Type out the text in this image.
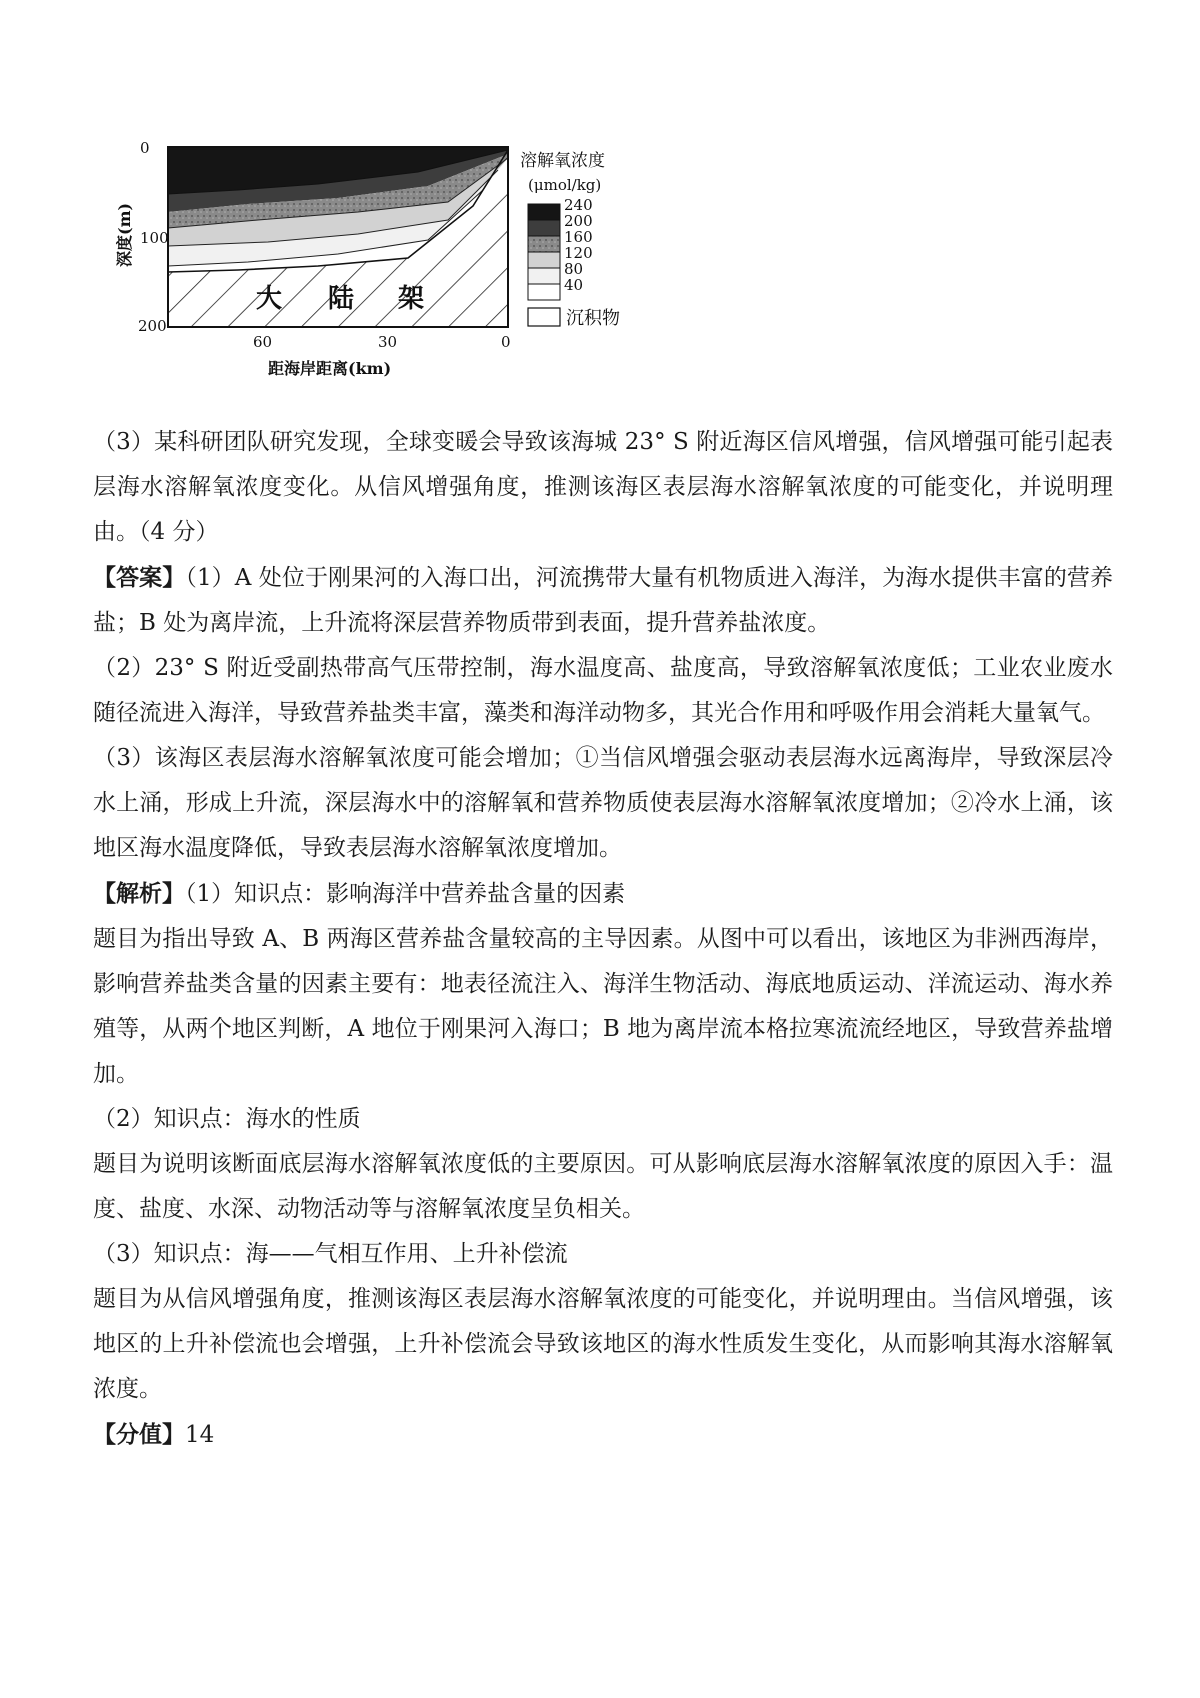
大 陆 架
0
100
200
深度(m)
60	30	0
距海岸距离(km)
溶解氧浓度
(μmol/kg)
240
200
160
120
80
40
沉积物

（3）某科研团队研究发现，全球变暖会导致该海城 23° S 附近海区信风增强，信风增强可能引起表层海水溶解氧浓度变化。从信风增强角度，推测该海区表层海水溶解氧浓度的可能变化，并说明理由。（4 分）

【答案】（1）A 处位于刚果河的入海口出，河流携带大量有机物质进入海洋，为海水提供丰富的营养盐；B 处为离岸流，上升流将深层营养物质带到表面，提升营养盐浓度。

（2）23° S 附近受副热带高气压带控制，海水温度高、盐度高，导致溶解氧浓度低；工业农业废水随径流进入海洋，导致营养盐类丰富，藻类和海洋动物多，其光合作用和呼吸作用会消耗大量氧气。

（3）该海区表层海水溶解氧浓度可能会增加；①当信风增强会驱动表层海水远离海岸，导致深层冷水上涌，形成上升流，深层海水中的溶解氧和营养物质使表层海水溶解氧浓度增加；②冷水上涌，该地区海水温度降低，导致表层海水溶解氧浓度增加。

【解析】（1）知识点：影响海洋中营养盐含量的因素

题目为指出导致 A、B 两海区营养盐含量较高的主导因素。从图中可以看出，该地区为非洲西海岸，影响营养盐类含量的因素主要有：地表径流注入、海洋生物活动、海底地质运动、洋流运动、海水养殖等，从两个地区判断，A 地位于刚果河入海口；B 地为离岸流本格拉寒流流经地区，导致营养盐增加。

（2）知识点：海水的性质

题目为说明该断面底层海水溶解氧浓度低的主要原因。可从影响底层海水溶解氧浓度的原因入手：温度、盐度、水深、动物活动等与溶解氧浓度呈负相关。

（3）知识点：海——气相互作用、上升补偿流

题目为从信风增强角度，推测该海区表层海水溶解氧浓度的可能变化，并说明理由。当信风增强，该地区的上升补偿流也会增强，上升补偿流会导致该地区的海水性质发生变化，从而影响其海水溶解氧浓度。

【分值】14
